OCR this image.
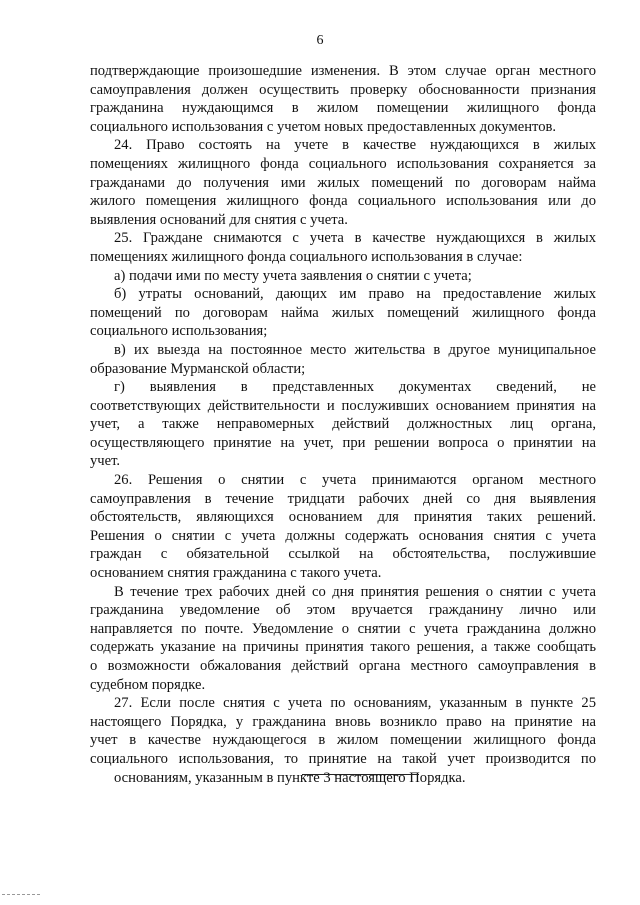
6
подтверждающие произошедшие изменения. В этом случае орган местного
самоуправления должен осуществить проверку обоснованности признания
гражданина нуждающимся в жилом помещении жилищного фонда
социального использования с учетом новых предоставленных документов.
24. Право состоять на учете в качестве нуждающихся в жилых
помещениях жилищного фонда социального использования сохраняется за
гражданами до получения ими жилых помещений по договорам найма
жилого помещения жилищного фонда социального использования или до
выявления оснований для снятия с учета.
25. Граждане снимаются с учета в качестве нуждающихся в жилых
помещениях жилищного фонда социального использования в случае:
а) подачи ими по месту учета заявления о снятии с учета;
б) утраты оснований, дающих им право на предоставление жилых
помещений по договорам найма жилых помещений жилищного фонда
социального использования;
в) их выезда на постоянное место жительства в другое муниципальное
образование Мурманской области;
г) выявления в представленных документах сведений, не
соответствующих действительности и послуживших основанием принятия на
учет, а также неправомерных действий должностных лиц органа,
осуществляющего принятие на учет, при решении вопроса о принятии на
учет.
26. Решения о снятии с учета принимаются органом местного
самоуправления в течение тридцати рабочих дней со дня выявления
обстоятельств, являющихся основанием для принятия таких решений.
Решения о снятии с учета должны содержать основания снятия с учета
граждан с обязательной ссылкой на обстоятельства, послужившие
основанием снятия гражданина с такого учета.
В течение трех рабочих дней со дня принятия решения о снятии с учета
гражданина уведомление об этом вручается гражданину лично или
направляется по почте. Уведомление о снятии с учета гражданина должно
содержать указание на причины принятия такого решения, а также сообщать
о возможности обжалования действий органа местного самоуправления в
судебном порядке.
27. Если после снятия с учета по основаниям, указанным в пункте 25
настоящего Порядка, у гражданина вновь возникло право на принятие на
учет в качестве нуждающегося в жилом помещении жилищного фонда
социального использования, то принятие на такой учет производится по
основаниям, указанным в пункте 3 настоящего Порядка.
